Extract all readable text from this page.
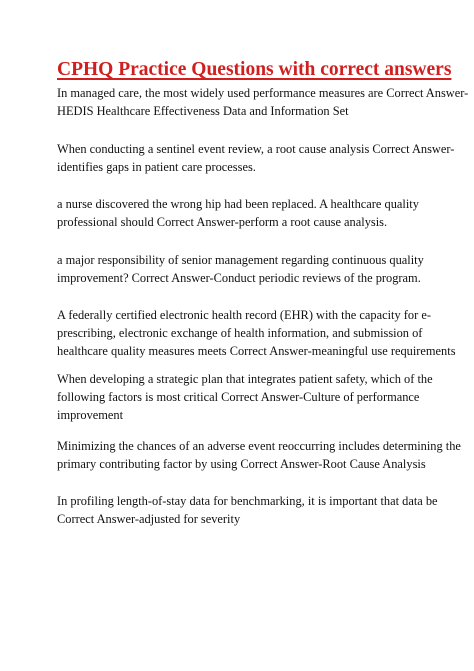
CPHQ Practice Questions with correct answers

In managed care, the most widely used performance measures are Correct Answer-
HEDIS Healthcare Effectiveness Data and Information Set

When conducting a sentinel event review, a root cause analysis Correct Answer-
identifies gaps in patient care processes.

a nurse discovered the wrong hip had been replaced. A healthcare quality
professional should Correct Answer-perform a root cause analysis.

a major responsibility of senior management regarding continuous quality
improvement? Correct Answer-Conduct periodic reviews of the program.

A federally certified electronic health record (EHR) with the capacity for e-
prescribing, electronic exchange of health information, and submission of
healthcare quality measures meets Correct Answer-meaningful use requirements

When developing a strategic plan that integrates patient safety, which of the
following factors is most critical Correct Answer-Culture of performance
improvement

Minimizing the chances of an adverse event reoccurring includes determining the
primary contributing factor by using Correct Answer-Root Cause Analysis

In profiling length-of-stay data for benchmarking, it is important that data be
Correct Answer-adjusted for severity
